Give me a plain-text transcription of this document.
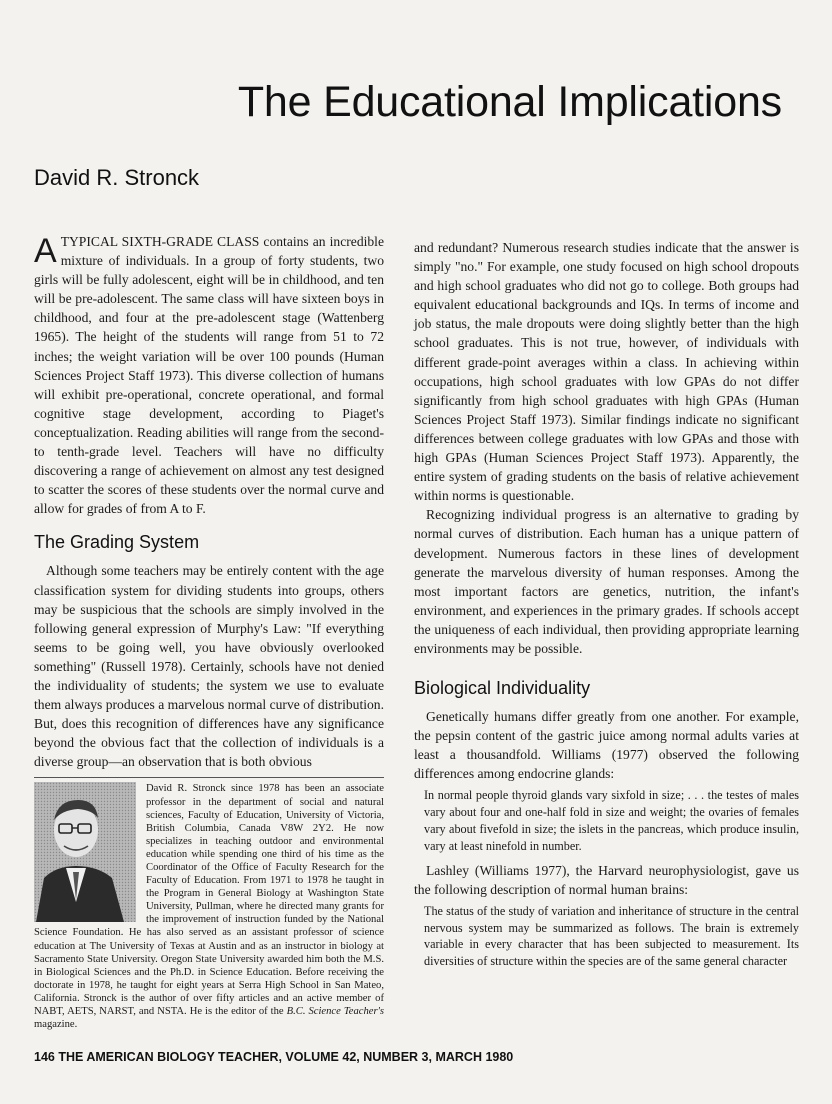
The Educational Implications
David R. Stronck

A TYPICAL SIXTH-GRADE CLASS contains an incredible mixture of individuals. In a group of forty students, two girls will be fully adolescent, eight will be in childhood, and ten will be pre-adolescent. The same class will have sixteen boys in childhood, and four at the pre-adolescent stage (Wattenberg 1965). The height of the students will range from 51 to 72 inches; the weight variation will be over 100 pounds (Human Sciences Project Staff 1973). This diverse collection of humans will exhibit pre-operational, concrete operational, and formal cognitive stage development, according to Piaget's conceptualization. Reading abilities will range from the second- to tenth-grade level. Teachers will have no difficulty discovering a range of achievement on almost any test designed to scatter the scores of these students over the normal curve and allow for grades of from A to F.

The Grading System

Although some teachers may be entirely content with the age classification system for dividing students into groups, others may be suspicious that the schools are simply involved in the following general expression of Murphy's Law: "If everything seems to be going well, you have obviously overlooked something" (Russell 1978). Certainly, schools have not denied the individuality of students; the system we use to evaluate them always produces a marvelous normal curve of distribution. But, does this recognition of differences have any significance beyond the obvious fact that the collection of individuals is a diverse group—an observation that is both obvious

David R. Stronck since 1978 has been an associate professor in the department of social and natural sciences, Faculty of Education, University of Victoria, British Columbia, Canada V8W 2Y2. He now specializes in teaching outdoor and environmental education while spending one third of his time as the Coordinator of the Office of Faculty Research for the Faculty of Education. From 1971 to 1978 he taught in the Program in General Biology at Washington State University, Pullman, where he directed many grants for the improvement of instruction funded by the National Science Foundation. He has also served as an assistant professor of science education at The University of Texas at Austin and as an instructor in biology at Sacramento State University. Oregon State University awarded him both the M.S. in Biological Sciences and the Ph.D. in Science Education. Before receiving the doctorate in 1978, he taught for eight years at Serra High School in San Mateo, California. Stronck is the author of over fifty articles and an active member of NABT, AETS, NARST, and NSTA. He is the editor of the B.C. Science Teacher's magazine.

and redundant? Numerous research studies indicate that the answer is simply "no." For example, one study focused on high school dropouts and high school graduates who did not go to college. Both groups had equivalent educational backgrounds and IQs. In terms of income and job status, the male dropouts were doing slightly better than the high school graduates. This is not true, however, of individuals with different grade-point averages within a class. In achieving within occupations, high school graduates with low GPAs do not differ significantly from high school graduates with high GPAs (Human Sciences Project Staff 1973). Similar findings indicate no significant differences between college graduates with low GPAs and those with high GPAs (Human Sciences Project Staff 1973). Apparently, the entire system of grading students on the basis of relative achievement within norms is questionable.

Recognizing individual progress is an alternative to grading by normal curves of distribution. Each human has a unique pattern of development. Numerous factors in these lines of development generate the marvelous diversity of human responses. Among the most important factors are genetics, nutrition, the infant's environment, and experiences in the primary grades. If schools accept the uniqueness of each individual, then providing appropriate learning environments may be possible.

Biological Individuality

Genetically humans differ greatly from one another. For example, the pepsin content of the gastric juice among normal adults varies at least a thousandfold. Williams (1977) observed the following differences among endocrine glands:

In normal people thyroid glands vary sixfold in size; . . . the testes of males vary about four and one-half fold in size and weight; the ovaries of females vary about fivefold in size; the islets in the pancreas, which produce insulin, vary at least ninefold in number.

Lashley (Williams 1977), the Harvard neurophysiologist, gave us the following description of normal human brains:

The status of the study of variation and inheritance of structure in the central nervous system may be summarized as follows. The brain is extremely variable in every character that has been subjected to measurement. Its diversities of structure within the species are of the same general character

146 THE AMERICAN BIOLOGY TEACHER, VOLUME 42, NUMBER 3, MARCH 1980
